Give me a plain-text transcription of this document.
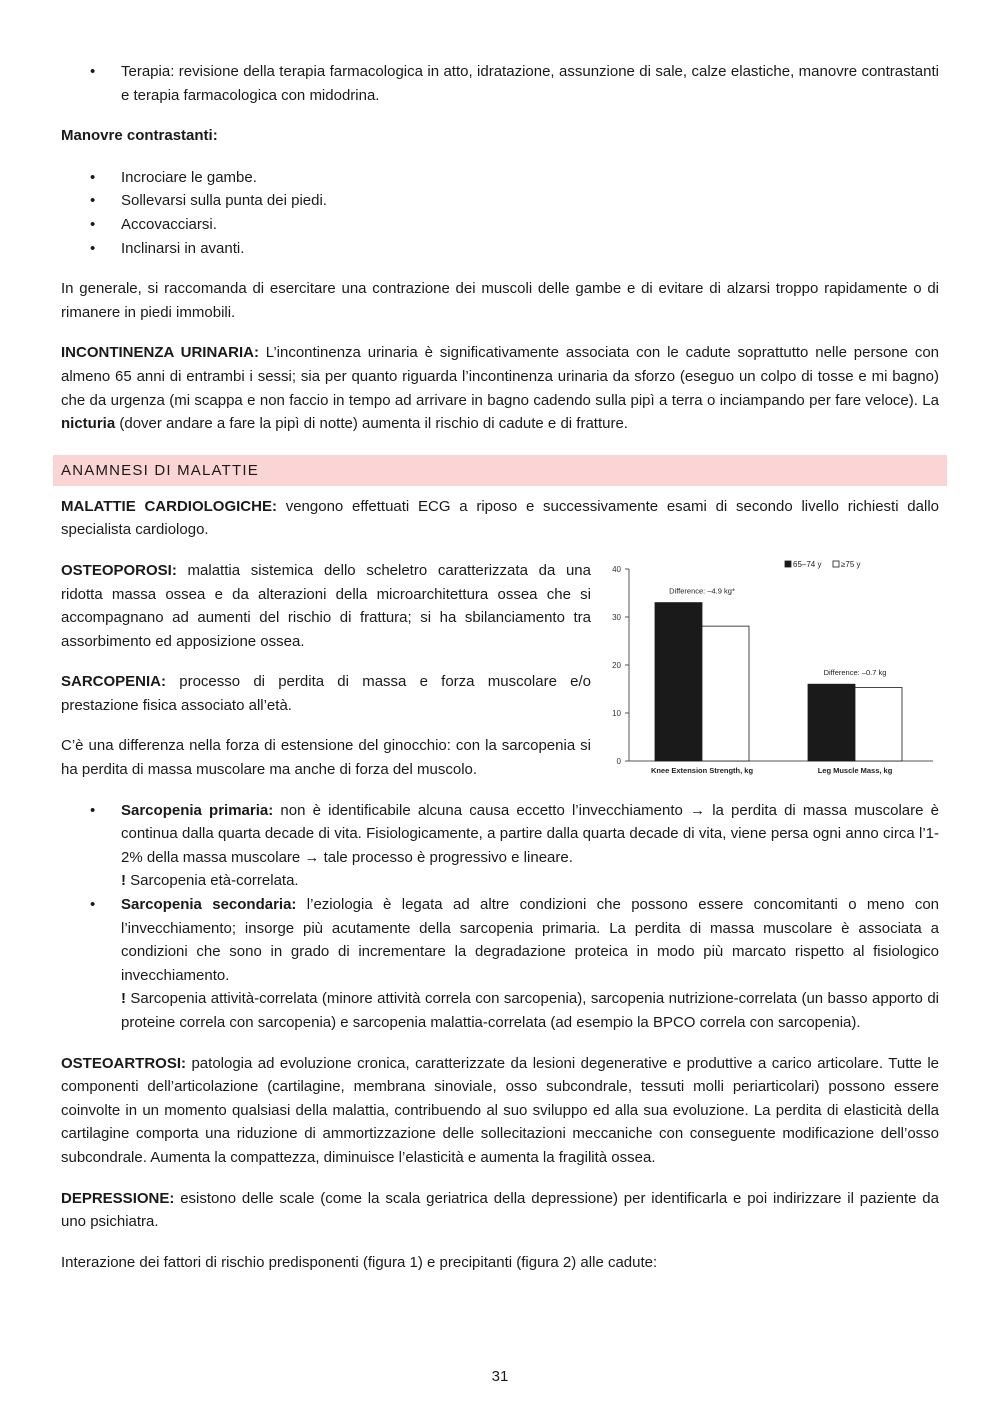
• Terapia: revisione della terapia farmacologica in atto, idratazione, assunzione di sale, calze elastiche, manovre contrastanti e terapia farmacologica con midodrina.

Manovre contrastanti:

• Incrociare le gambe.
• Sollevarsi sulla punta dei piedi.
• Accovacciarsi.
• Inclinarsi in avanti.

In generale, si raccomanda di esercitare una contrazione dei muscoli delle gambe e di evitare di alzarsi troppo rapidamente o di rimanere in piedi immobili.

INCONTINENZA URINARIA: L’incontinenza urinaria è significativamente associata con le cadute soprattutto nelle persone con almeno 65 anni di entrambi i sessi; sia per quanto riguarda l’incontinenza urinaria da sforzo (eseguo un colpo di tosse e mi bagno) che da urgenza (mi scappa e non faccio in tempo ad arrivare in bagno cadendo sulla pipì a terra o inciampando per fare veloce). La nicturia (dover andare a fare la pipì di notte) aumenta il rischio di cadute e di fratture.

ANAMNESI DI MALATTIE

MALATTIE CARDIOLOGICHE: vengono effettuati ECG a riposo e successivamente esami di secondo livello richiesti dallo specialista cardiologo.

OSTEOPOROSI: malattia sistemica dello scheletro caratterizzata da una ridotta massa ossea e da alterazioni della microarchitettura ossea che si accompagnano ad aumenti del rischio di frattura; si ha sbilanciamento tra assorbimento ed apposizione ossea.

SARCOPENIA: processo di perdita di massa e forza muscolare e/o prestazione fisica associato all’età.

C’è una differenza nella forza di estensione del ginocchio: con la sarcopenia si ha perdita di massa muscolare ma anche di forza del muscolo.	0
10
20
30
40
Knee Extension Strength, kg
Difference: –4.9 kg*
Leg Muscle Mass, kg
Difference: –0.7 kg
65–74 y ≥75 y
• Sarcopenia primaria: non è identificabile alcuna causa eccetto l’invecchiamento → la perdita di massa muscolare è continua dalla quarta decade di vita. Fisiologicamente, a partire dalla quarta decade di vita, viene persa ogni anno circa l’1-2% della massa muscolare → tale processo è progressivo e lineare.
! Sarcopenia età-correlata.
• Sarcopenia secondaria: l’eziologia è legata ad altre condizioni che possono essere concomitanti o meno con l’invecchiamento; insorge più acutamente della sarcopenia primaria. La perdita di massa muscolare è associata a condizioni che sono in grado di incrementare la degradazione proteica in modo più marcato rispetto al fisiologico invecchiamento.
! Sarcopenia attività-correlata (minore attività correla con sarcopenia), sarcopenia nutrizione-correlata (un basso apporto di proteine correla con sarcopenia) e sarcopenia malattia-correlata (ad esempio la BPCO correla con sarcopenia).

OSTEOARTROSI: patologia ad evoluzione cronica, caratterizzate da lesioni degenerative e produttive a carico articolare. Tutte le componenti dell’articolazione (cartilagine, membrana sinoviale, osso subcondrale, tessuti molli periarticolari) possono essere coinvolte in un momento qualsiasi della malattia, contribuendo al suo sviluppo ed alla sua evoluzione. La perdita di elasticità della cartilagine comporta una riduzione di ammortizzazione delle sollecitazioni meccaniche con conseguente modificazione dell’osso subcondrale. Aumenta la compattezza, diminuisce l’elasticità e aumenta la fragilità ossea.

DEPRESSIONE: esistono delle scale (come la scala geriatrica della depressione) per identificarla e poi indirizzare il paziente da uno psichiatra.

Interazione dei fattori di rischio predisponenti (figura 1) e precipitanti (figura 2) alle cadute:

31
